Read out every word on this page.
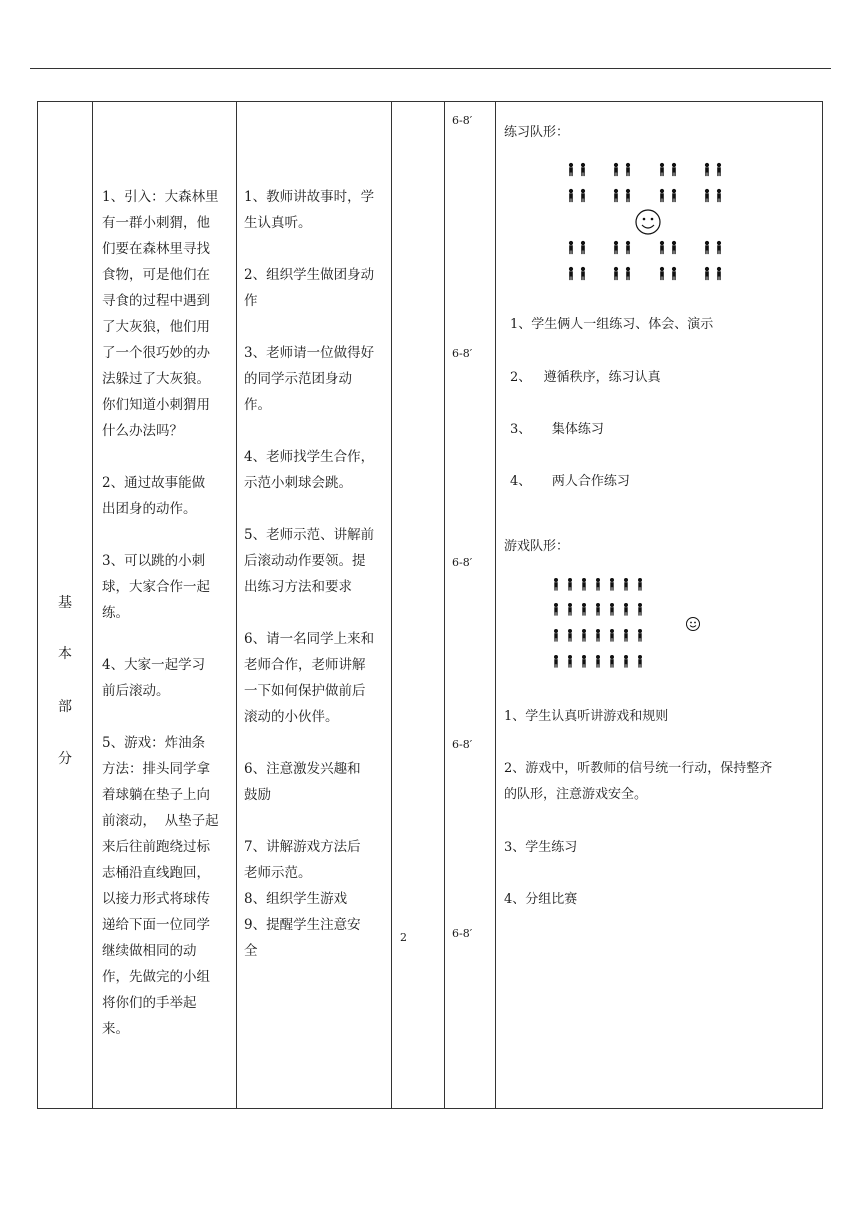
基
本
部
分
1、引入：大森林里
有一群小刺猬，他
们要在森林里寻找
食物，可是他们在
寻食的过程中遇到
了大灰狼，他们用
了一个很巧妙的办
法躲过了大灰狼。
你们知道小刺猬用
什么办法吗？
2、通过故事能做
出团身的动作。
3、可以跳的小刺
球，大家合作一起
练。
4、大家一起学习
前后滚动。
5、游戏：炸油条
方法：排头同学拿
着球躺在垫子上向
前滚动，  从垫子起
来后往前跑绕过标
志桶沿直线跑回，
以接力形式将球传
递给下面一位同学
继续做相同的动
作，先做完的小组
将你们的手举起
来。
1、教师讲故事时，学
生认真听。
2、组织学生做团身动
作
3、老师请一位做得好
的同学示范团身动
作。
4、老师找学生合作，
示范小刺球会跳。
5、老师示范、讲解前
后滚动动作要领。提
出练习方法和要求
6、请一名同学上来和
老师合作，老师讲解
一下如何保护做前后
滚动的小伙伴。
6、注意激发兴趣和
鼓励
7、讲解游戏方法后
老师示范。
8、组织学生游戏
9、提醒学生注意安
全
2
6-8′
6-8′
6-8′
6-8′
6-8′
练习队形：
1、学生俩人一组练习、体会、演示
2、   遵循秩序，练习认真
3、     集体练习
4、     两人合作练习
游戏队形：
1、学生认真听讲游戏和规则
2、游戏中，听教师的信号统一行动，保持整齐
的队形，注意游戏安全。
3、学生练习
4、分组比赛
